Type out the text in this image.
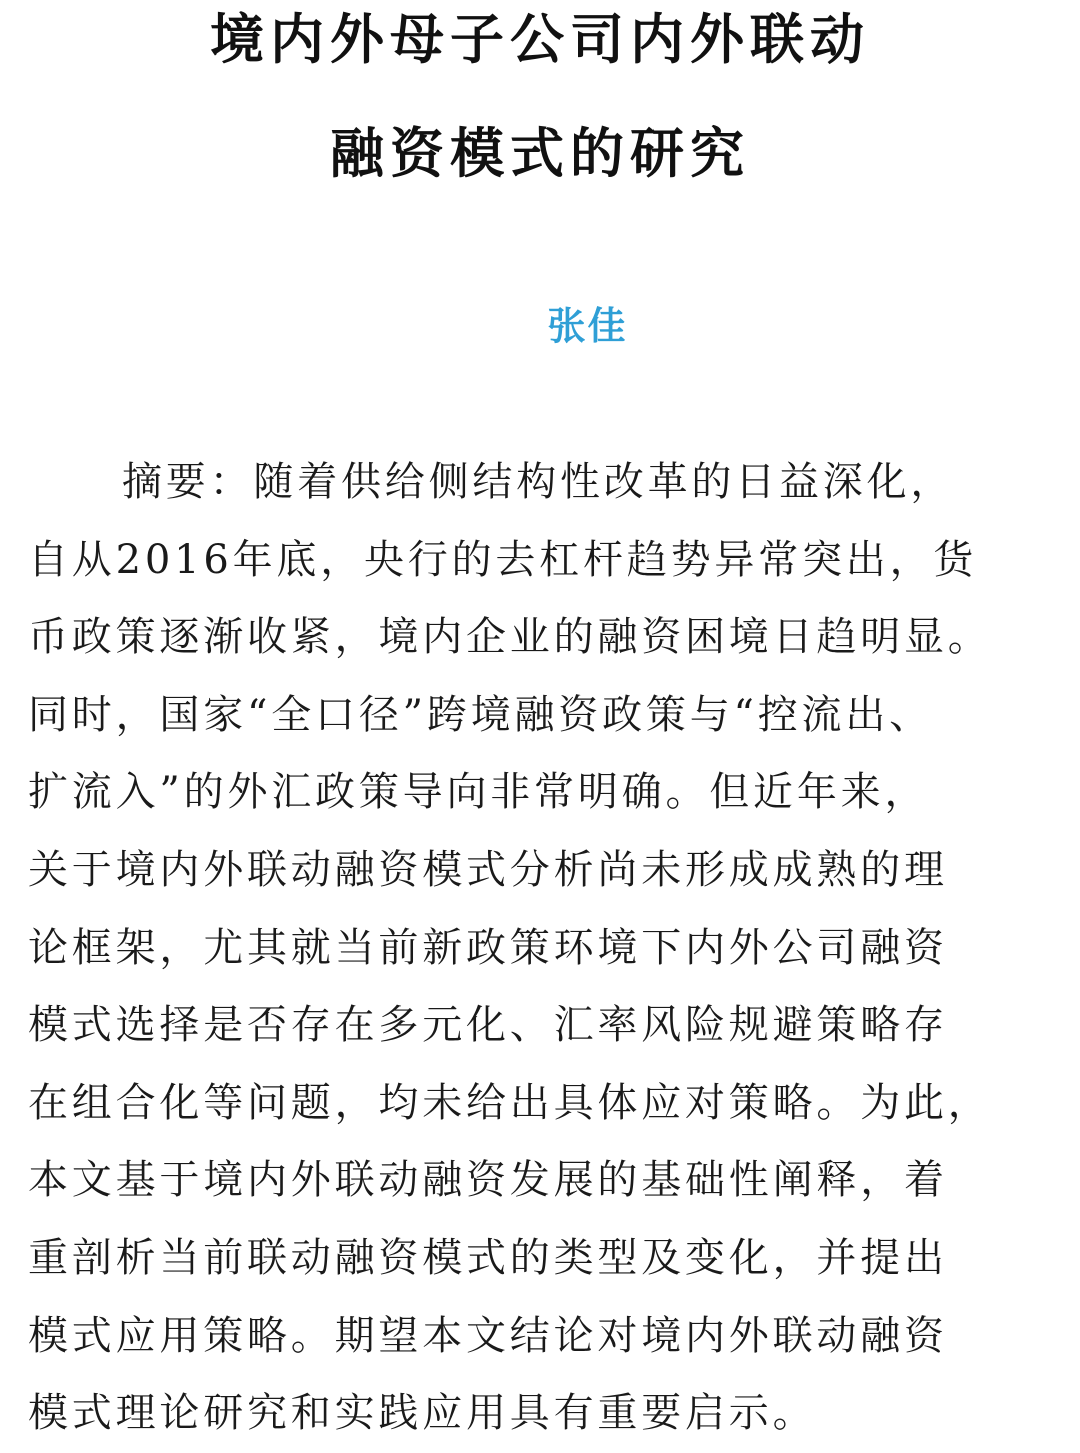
境内外母子公司内外联动
融资模式的研究
张佳
摘要：随着供给侧结构性改革的日益深化，
自从2016年底，央行的去杠杆趋势异常突出，货
币政策逐渐收紧，境内企业的融资困境日趋明显。
同时，国家“全口径”跨境融资政策与“控流出、
扩流入”的外汇政策导向非常明确。但近年来，
关于境内外联动融资模式分析尚未形成成熟的理
论框架，尤其就当前新政策环境下内外公司融资
模式选择是否存在多元化、汇率风险规避策略存
在组合化等问题，均未给出具体应对策略。为此，
本文基于境内外联动融资发展的基础性阐释，着
重剖析当前联动融资模式的类型及变化，并提出
模式应用策略。期望本文结论对境内外联动融资
模式理论研究和实践应用具有重要启示。
